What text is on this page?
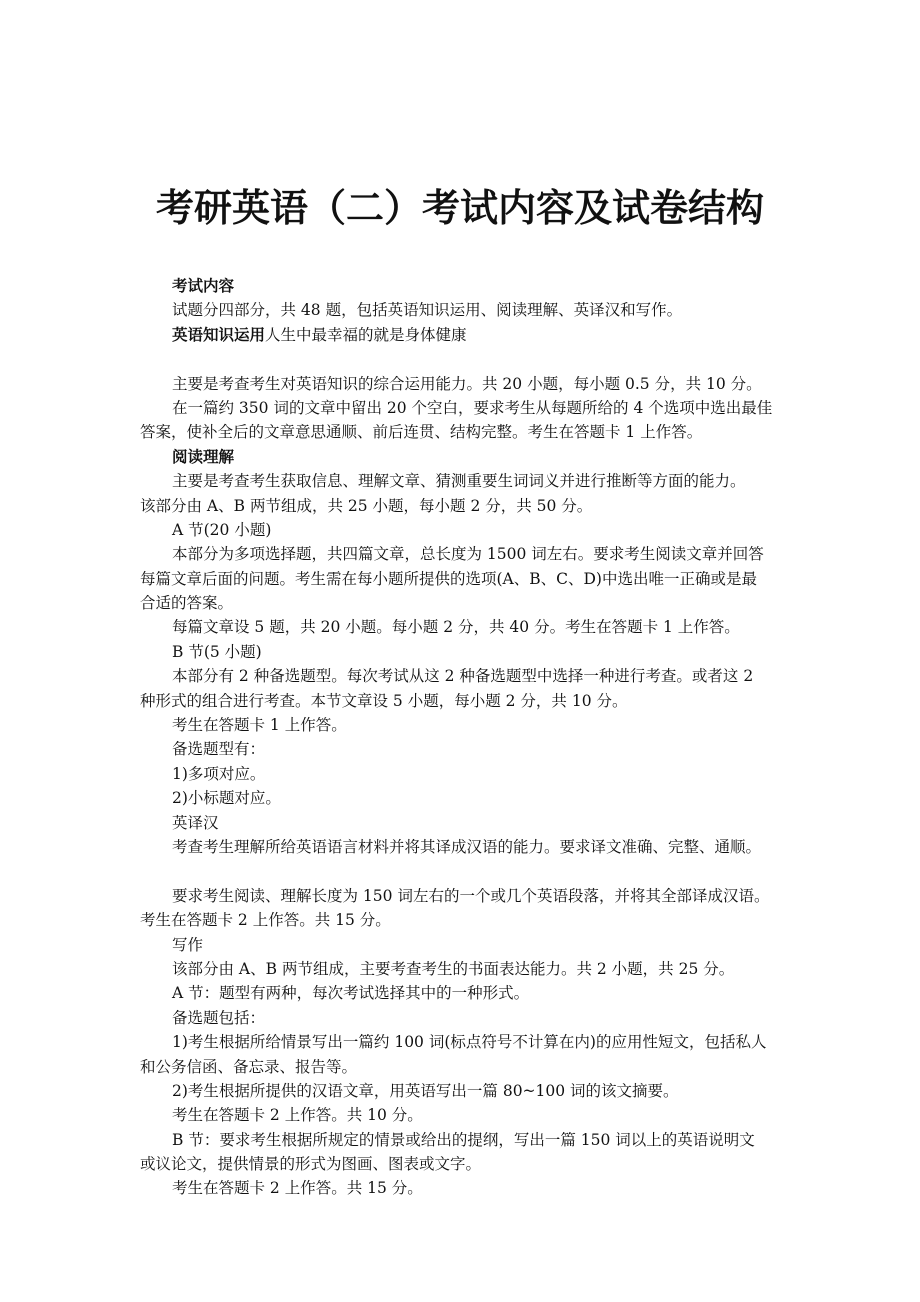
考研英语（二）考试内容及试卷结构

考试内容

试题分四部分，共 48 题，包括英语知识运用、阅读理解、英译汉和写作。

英语知识运用人生中最幸福的就是身体健康

主要是考查考生对英语知识的综合运用能力。共 20 小题，每小题 0.5 分，共 10 分。

在一篇约 350 词的文章中留出 20 个空白，要求考生从每题所给的 4 个选项中选出最佳

答案，使补全后的文章意思通顺、前后连贯、结构完整。考生在答题卡 1 上作答。

阅读理解

主要是考查考生获取信息、理解文章、猜测重要生词词义并进行推断等方面的能力。

该部分由 A、B 两节组成，共 25 小题，每小题 2 分，共 50 分。

A 节(20 小题)

本部分为多项选择题，共四篇文章，总长度为 1500 词左右。要求考生阅读文章并回答

每篇文章后面的问题。考生需在每小题所提供的选项(A、B、C、D)中选出唯一正确或是最

合适的答案。

每篇文章设 5 题，共 20 小题。每小题 2 分，共 40 分。考生在答题卡 1 上作答。

B 节(5 小题)

本部分有 2 种备选题型。每次考试从这 2 种备选题型中选择一种进行考查。或者这 2

种形式的组合进行考查。本节文章设 5 小题，每小题 2 分，共 10 分。

考生在答题卡 1 上作答。

备选题型有：

1)多项对应。

2)小标题对应。

英译汉

考查考生理解所给英语语言材料并将其译成汉语的能力。要求译文准确、完整、通顺。

要求考生阅读、理解长度为 150 词左右的一个或几个英语段落，并将其全部译成汉语。

考生在答题卡 2 上作答。共 15 分。

写作

该部分由 A、B 两节组成，主要考查考生的书面表达能力。共 2 小题，共 25 分。

A 节：题型有两种，每次考试选择其中的一种形式。

备选题包括：

1)考生根据所给情景写出一篇约 100 词(标点符号不计算在内)的应用性短文，包括私人

和公务信函、备忘录、报告等。

2)考生根据所提供的汉语文章，用英语写出一篇 80~100 词的该文摘要。

考生在答题卡 2 上作答。共 10 分。

B 节：要求考生根据所规定的情景或给出的提纲，写出一篇 150 词以上的英语说明文

或议论文，提供情景的形式为图画、图表或文字。

考生在答题卡 2 上作答。共 15 分。
